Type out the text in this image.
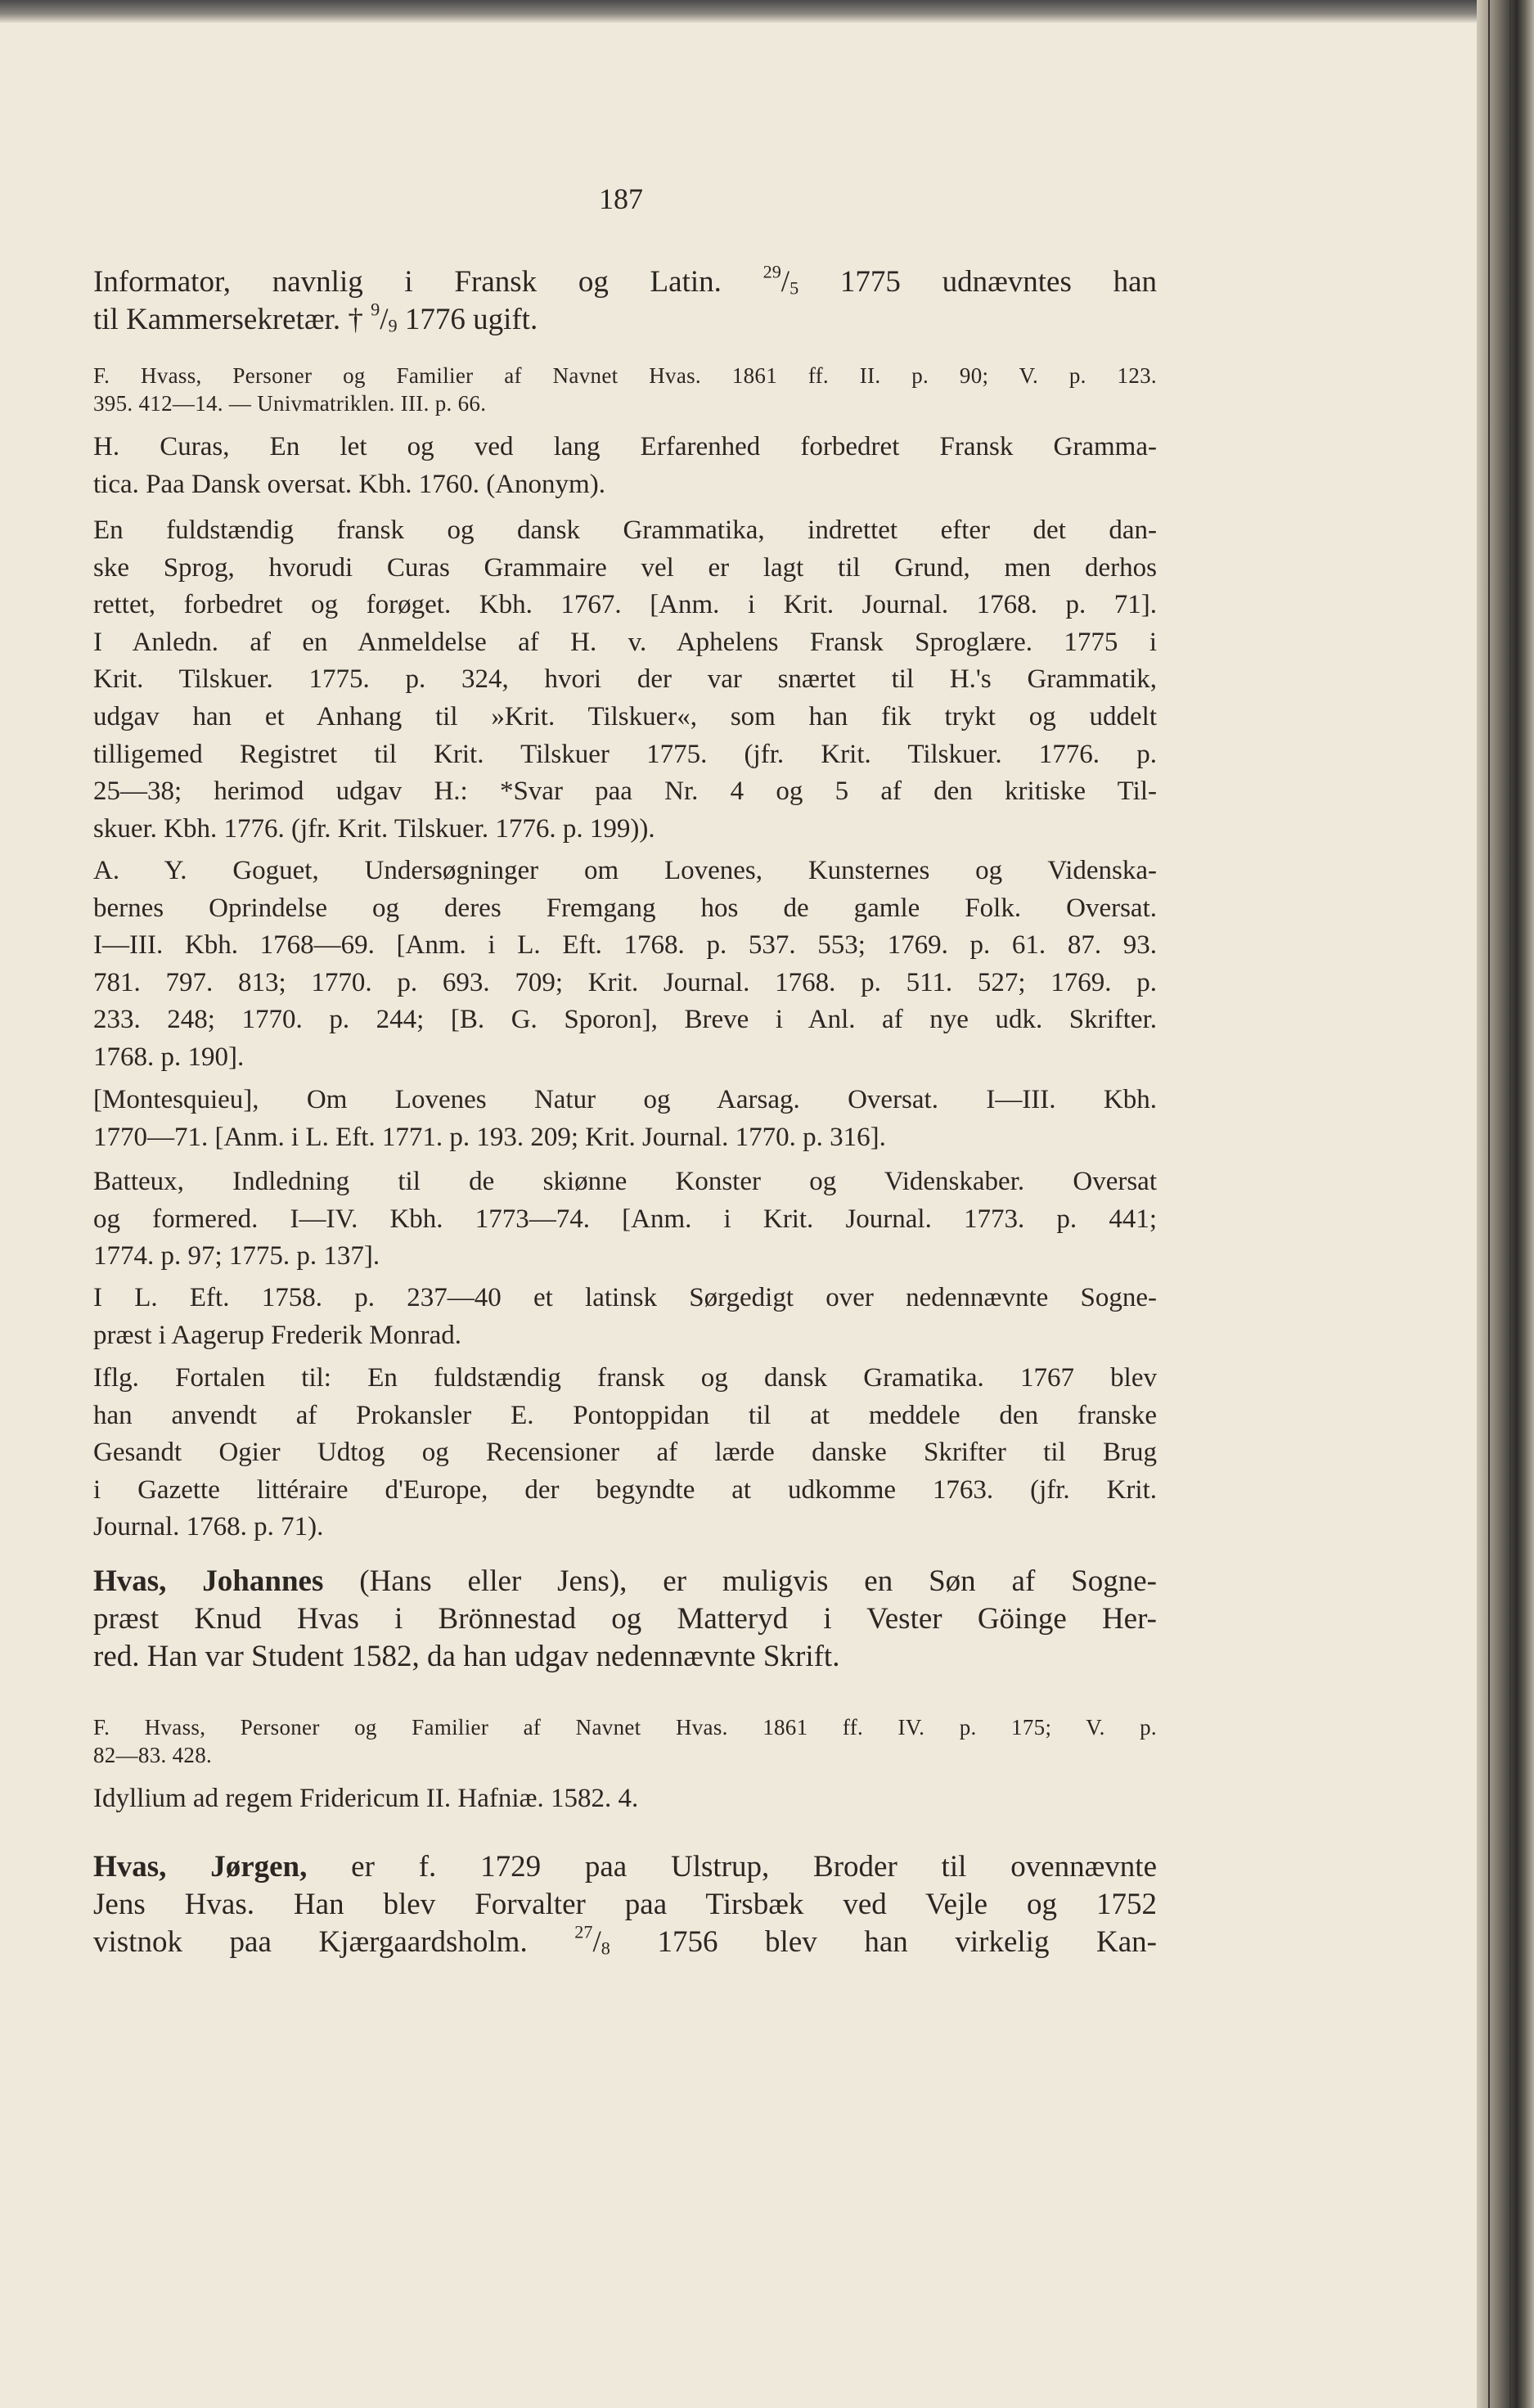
187

Informator, navnlig i Fransk og Latin. $^{29}/_5$ 1775 udnævntes han

til Kammersekretær. † $^9/_9$ 1776 ugift.

F. Hvass, Personer og Familier af Navnet Hvas. 1861 ff. II. p. 90; V. p. 123.

395. 412—14. — Univmatriklen. III. p. 66.

H. Curas, En let og ved lang Erfarenhed forbedret Fransk Gramma-

tica. Paa Dansk oversat. Kbh. 1760. (Anonym).

En fuldstændig fransk og dansk Grammatika, indrettet efter det dan-

ske Sprog, hvorudi Curas Grammaire vel er lagt til Grund, men derhos

rettet, forbedret og forøget. Kbh. 1767. [Anm. i Krit. Journal. 1768. p. 71].

I Anledn. af en Anmeldelse af H. v. Aphelens Fransk Sproglære. 1775 i

Krit. Tilskuer. 1775. p. 324, hvori der var snærtet til H.'s Grammatik,

udgav han et Anhang til »Krit. Tilskuer«, som han fik trykt og uddelt

tilligemed Registret til Krit. Tilskuer 1775. (jfr. Krit. Tilskuer. 1776. p.

25—38; herimod udgav H.: *Svar paa Nr. 4 og 5 af den kritiske Til-

skuer. Kbh. 1776. (jfr. Krit. Tilskuer. 1776. p. 199)).

A. Y. Goguet, Undersøgninger om Lovenes, Kunsternes og Videnska-

bernes Oprindelse og deres Fremgang hos de gamle Folk. Oversat.

I—III. Kbh. 1768—69. [Anm. i L. Eft. 1768. p. 537. 553; 1769. p. 61. 87. 93.

781. 797. 813; 1770. p. 693. 709; Krit. Journal. 1768. p. 511. 527; 1769. p.

233. 248; 1770. p. 244; [B. G. Sporon], Breve i Anl. af nye udk. Skrifter.

1768. p. 190].

[Montesquieu], Om Lovenes Natur og Aarsag. Oversat. I—III. Kbh.

1770—71. [Anm. i L. Eft. 1771. p. 193. 209; Krit. Journal. 1770. p. 316].

Batteux, Indledning til de skiønne Konster og Videnskaber. Oversat

og formered. I—IV. Kbh. 1773—74. [Anm. i Krit. Journal. 1773. p. 441;

1774. p. 97; 1775. p. 137].

I L. Eft. 1758. p. 237—40 et latinsk Sørgedigt over nedennævnte Sogne-

præst i Aagerup Frederik Monrad.

Iflg. Fortalen til: En fuldstændig fransk og dansk Gramatika. 1767 blev

han anvendt af Prokansler E. Pontoppidan til at meddele den franske

Gesandt Ogier Udtog og Recensioner af lærde danske Skrifter til Brug

i Gazette littéraire d'Europe, der begyndte at udkomme 1763. (jfr. Krit.

Journal. 1768. p. 71).

Hvas, Johannes (Hans eller Jens), er muligvis en Søn af Sogne-

præst Knud Hvas i Brönnestad og Matteryd i Vester Göinge Her-

red. Han var Student 1582, da han udgav nedennævnte Skrift.

F. Hvass, Personer og Familier af Navnet Hvas. 1861 ff. IV. p. 175; V. p.

82—83. 428.

Idyllium ad regem Fridericum II. Hafniæ. 1582. 4.

Hvas, Jørgen, er f. 1729 paa Ulstrup, Broder til ovennævnte

Jens Hvas. Han blev Forvalter paa Tirsbæk ved Vejle og 1752

vistnok paa Kjærgaardsholm. $^{27}/_8$ 1756 blev han virkelig Kan-
